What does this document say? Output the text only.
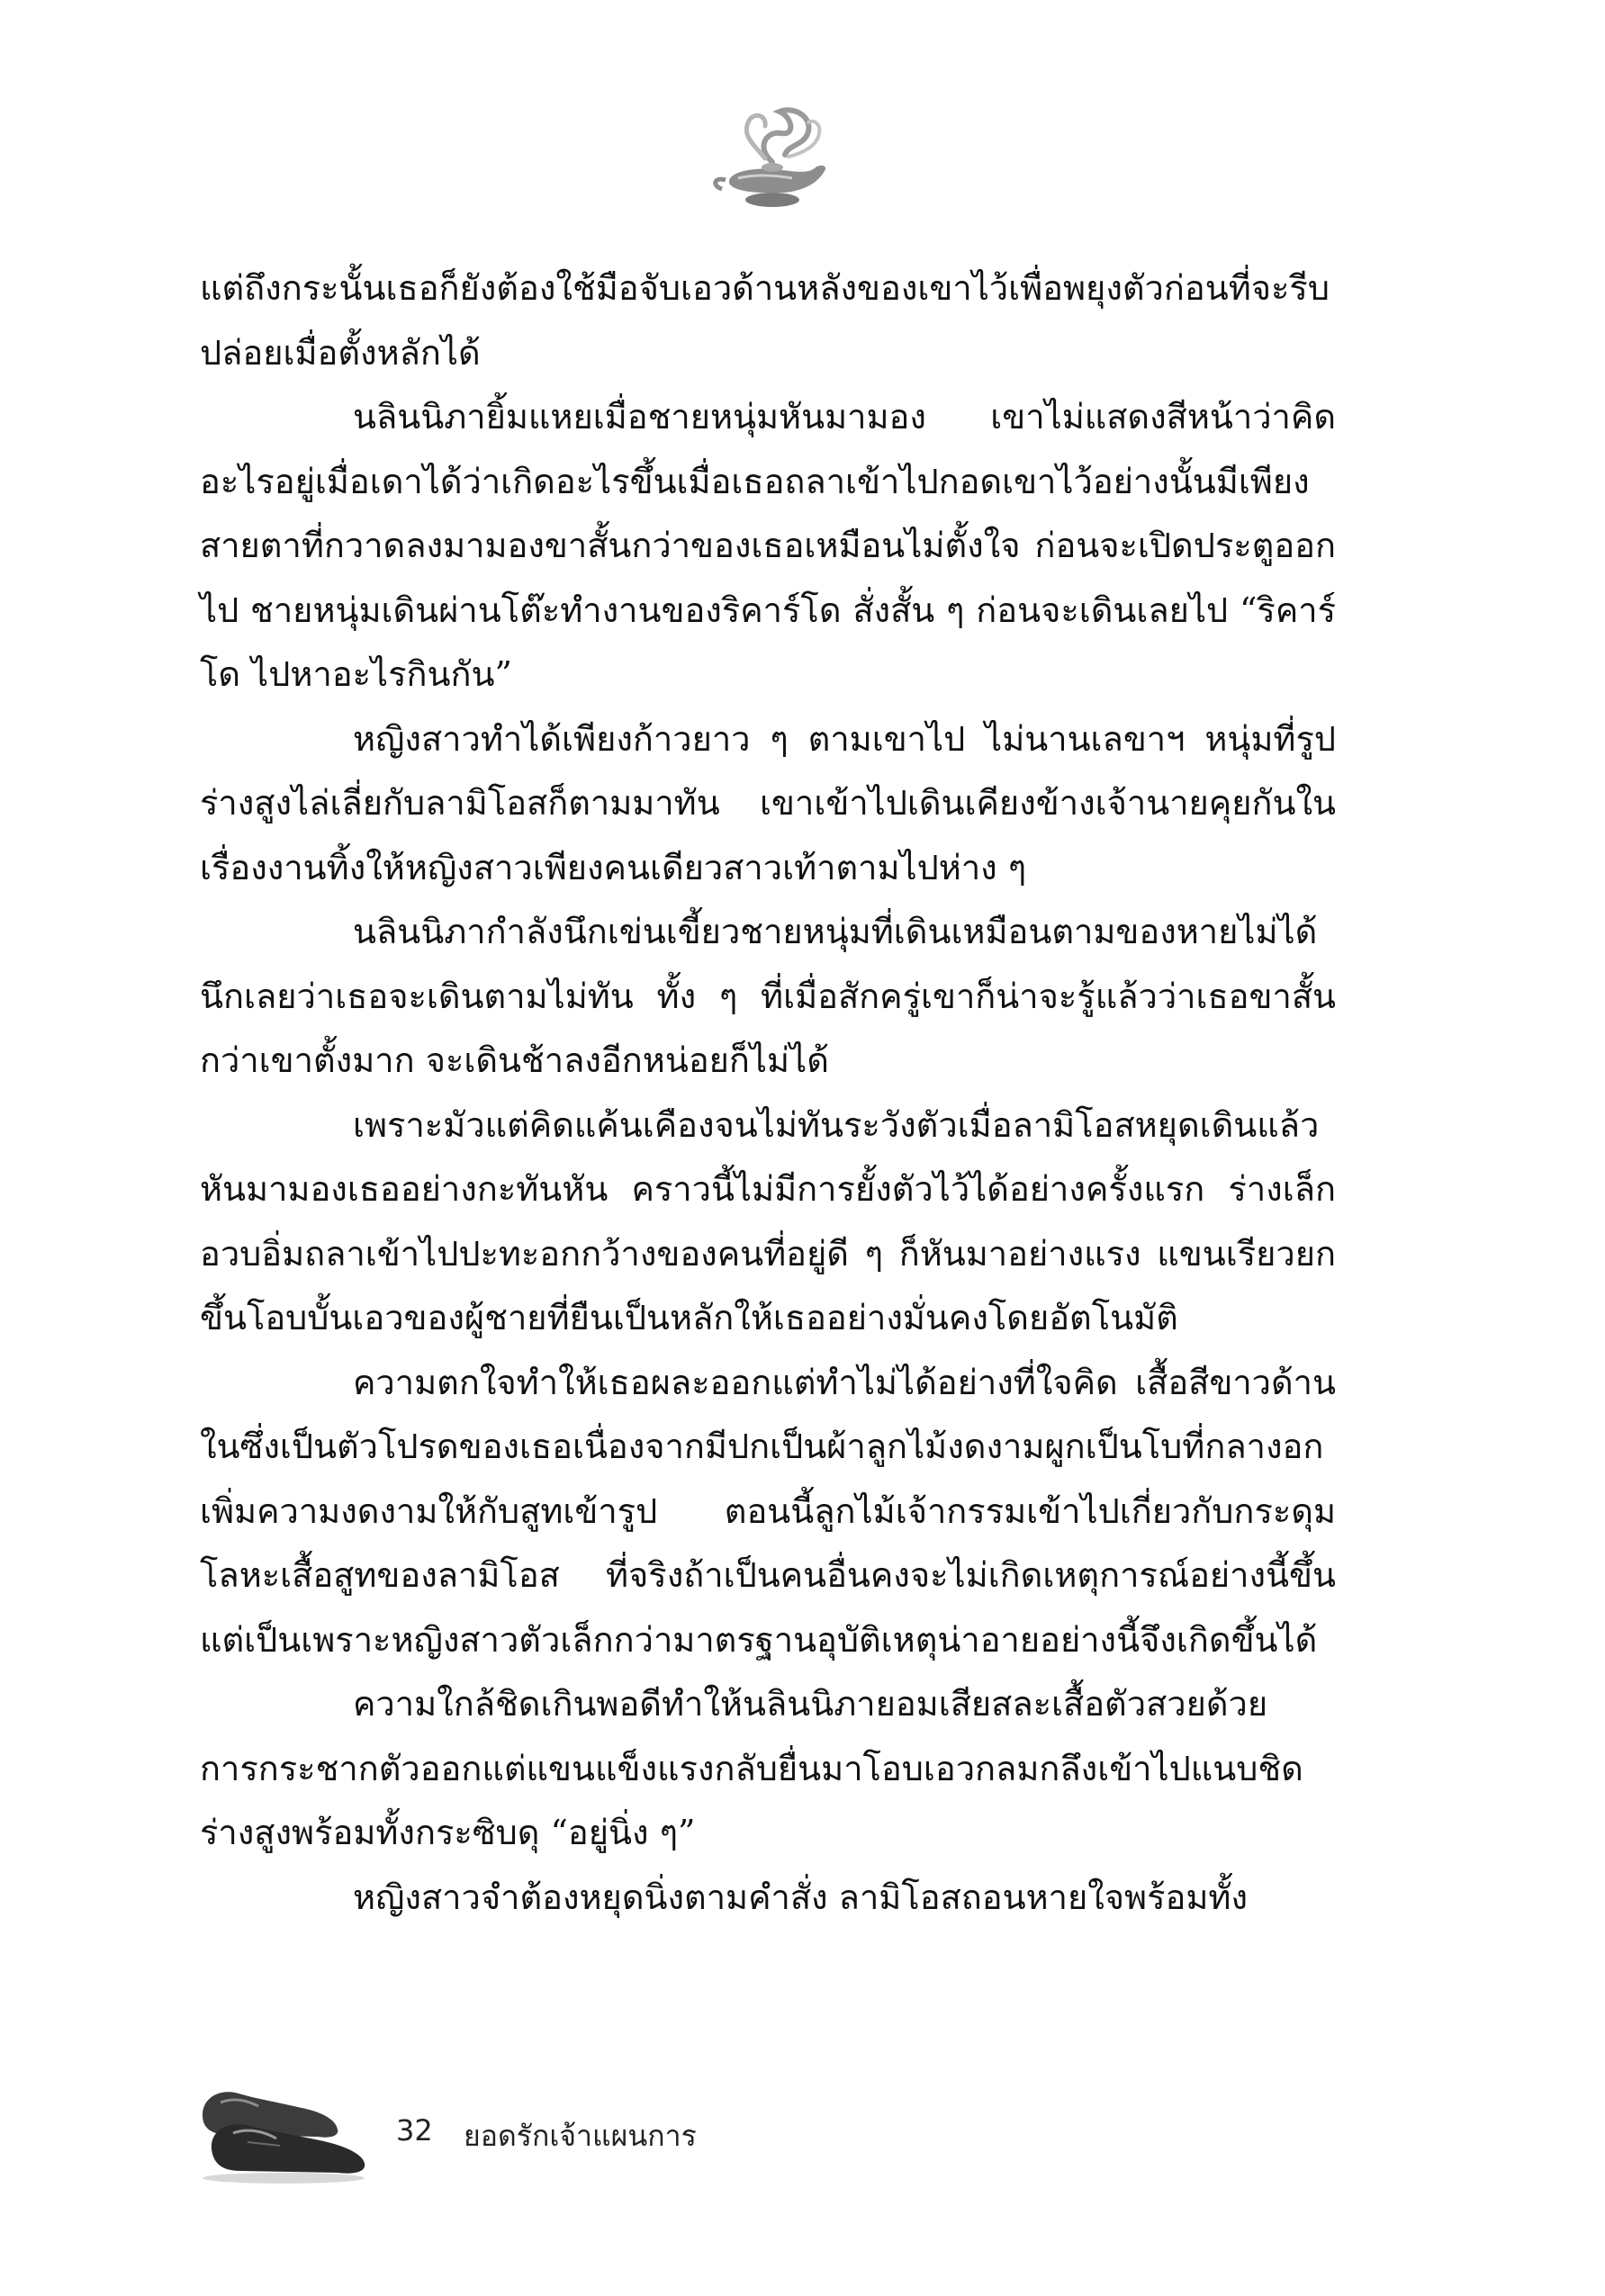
แต่ถึงกระนั้นเธอก็ยังต้องใช้มือจับเอวด้านหลังของเขาไว้เพื่อพยุงตัวก่อนที่จะรีบปล่อยเมื่อตั้งหลักได้

นลินนิภายิ้มแหยเมื่อชายหนุ่มหันมามอง เขาไม่แสดงสีหน้าว่าคิดอะไรอยู่เมื่อเดาได้ว่าเกิดอะไรขึ้นเมื่อเธอถลาเข้าไปกอดเขาไว้อย่างนั้นมีเพียงสายตาที่กวาดลงมามองขาสั้นกว่าของเธอเหมือนไม่ตั้งใจ ก่อนจะเปิดประตูออกไป ชายหนุ่มเดินผ่านโต๊ะทำงานของริคาร์โด สั่งสั้น ๆ ก่อนจะเดินเลยไป “ริคาร์โด ไปหาอะไรกินกัน”

หญิงสาวทำได้เพียงก้าวยาว ๆ ตามเขาไป ไม่นานเลขาฯ หนุ่มที่รูปร่างสูงไล่เลี่ยกับลามิโอสก็ตามมาทัน เขาเข้าไปเดินเคียงข้างเจ้านายคุยกันในเรื่องงานทิ้งให้หญิงสาวเพียงคนเดียวสาวเท้าตามไปห่าง ๆ

นลินนิภากำลังนึกเข่นเขี้ยวชายหนุ่มที่เดินเหมือนตามของหายไม่ได้นึกเลยว่าเธอจะเดินตามไม่ทัน ทั้ง ๆ ที่เมื่อสักครู่เขาก็น่าจะรู้แล้วว่าเธอขาสั้นกว่าเขาตั้งมาก จะเดินช้าลงอีกหน่อยก็ไม่ได้

เพราะมัวแต่คิดแค้นเคืองจนไม่ทันระวังตัวเมื่อลามิโอสหยุดเดินแล้วหันมามองเธออย่างกะทันหัน คราวนี้ไม่มีการยั้งตัวไว้ได้อย่างครั้งแรก ร่างเล็กอวบอิ่มถลาเข้าไปปะทะอกกว้างของคนที่อยู่ดี ๆ ก็หันมาอย่างแรง แขนเรียวยกขึ้นโอบบั้นเอวของผู้ชายที่ยืนเป็นหลักให้เธออย่างมั่นคงโดยอัตโนมัติ

ความตกใจทำให้เธอผละออกแต่ทำไม่ได้อย่างที่ใจคิด เสื้อสีขาวด้านในซึ่งเป็นตัวโปรดของเธอเนื่องจากมีปกเป็นผ้าลูกไม้งดงามผูกเป็นโบที่กลางอกเพิ่มความงดงามให้กับสูทเข้ารูป ตอนนี้ลูกไม้เจ้ากรรมเข้าไปเกี่ยวกับกระดุมโลหะเสื้อสูทของลามิโอส ที่จริงถ้าเป็นคนอื่นคงจะไม่เกิดเหตุการณ์อย่างนี้ขึ้น แต่เป็นเพราะหญิงสาวตัวเล็กกว่ามาตรฐานอุบัติเหตุน่าอายอย่างนี้จึงเกิดขึ้นได้

ความใกล้ชิดเกินพอดีทำให้นลินนิภายอมเสียสละเสื้อตัวสวยด้วยการกระชากตัวออกแต่แขนแข็งแรงกลับยื่นมาโอบเอวกลมกลึงเข้าไปแนบชิดร่างสูงพร้อมทั้งกระซิบดุ “อยู่นิ่ง ๆ”

หญิงสาวจำต้องหยุดนิ่งตามคำสั่ง ลามิโอสถอนหายใจพร้อมทั้ง

32 ยอดรักเจ้าแผนการ
